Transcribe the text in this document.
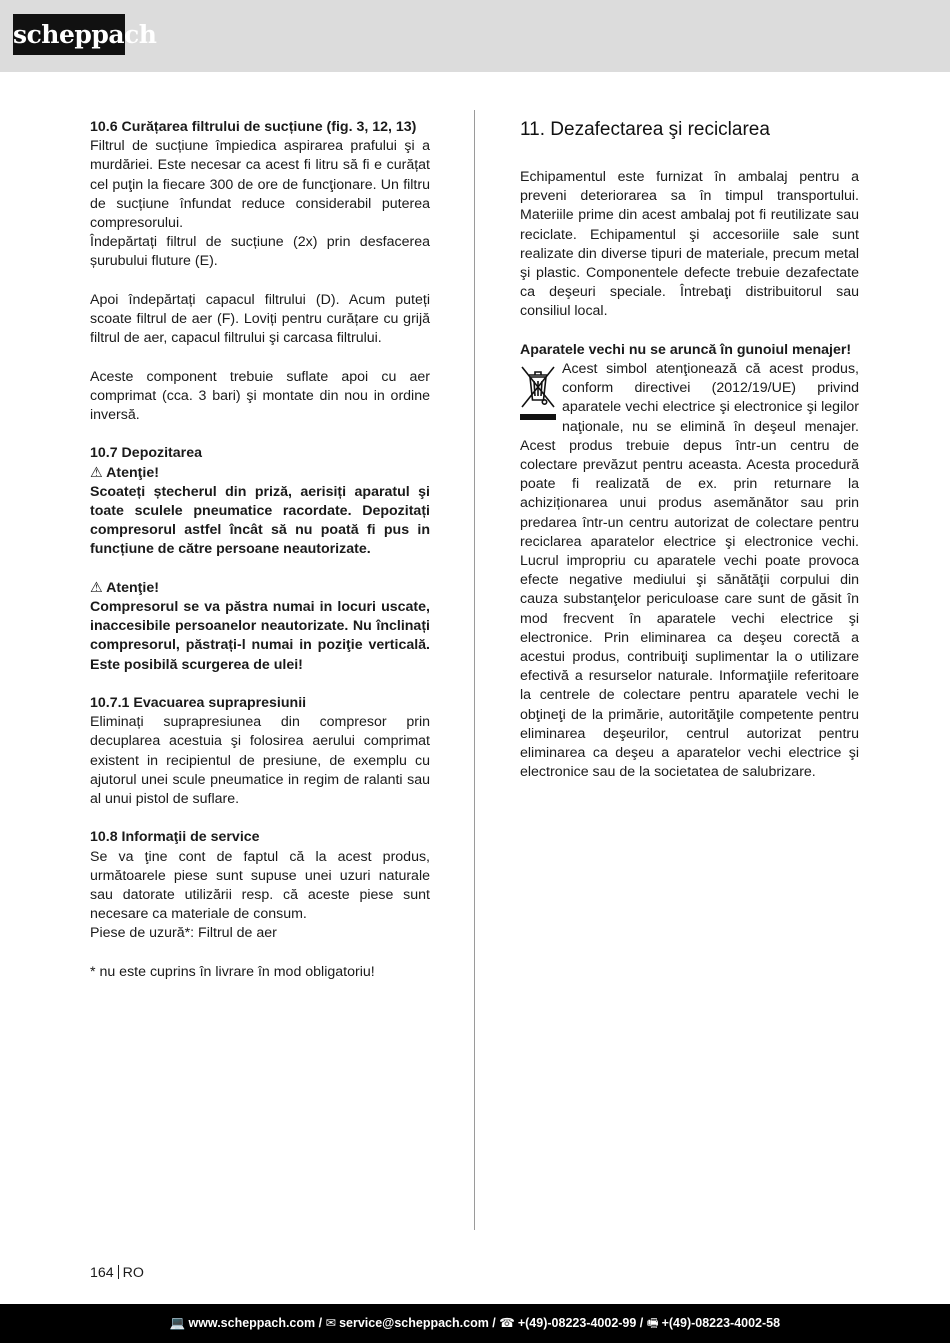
scheppach

10.6 Curățarea filtrului de sucțiune (fig. 3, 12, 13)

Filtrul de sucțiune împiedica aspirarea prafului şi a murdăriei. Este necesar ca acest fi litru să fi e curățat cel puţin la fiecare 300 de ore de funcţionare. Un filtru de sucțiune înfundat reduce considerabil puterea compresorului.

Îndepărtați filtrul de sucțiune (2x) prin desfacerea șurubului fluture (E).

Apoi îndepărtați capacul filtrului (D). Acum puteți scoate filtrul de aer (F). Loviți pentru curățare cu grijă filtrul de aer, capacul filtrului şi carcasa filtrului.

Aceste component trebuie suflate apoi cu aer comprimat (cca. 3 bari) şi montate din nou in ordine inversă.

10.7 Depozitarea

⚠ Atenţie!

Scoateți ștecherul din priză, aerisiți aparatul şi toate sculele pneumatice racordate. Depozitați compresorul astfel încât să nu poată fi pus in funcțiune de către persoane neautorizate.

⚠ Atenţie!

Compresorul se va păstra numai in locuri uscate, inaccesibile persoanelor neautorizate. Nu înclinați compresorul, păstrați-l numai in poziţie verticală. Este posibilă scurgerea de ulei!

10.7.1 Evacuarea suprapresiunii

Eliminați suprapresiunea din compresor prin decuplarea acestuia şi folosirea aerului comprimat existent in recipientul de presiune, de exemplu cu ajutorul unei scule pneumatice in regim de ralanti sau al unui pistol de suflare.

10.8 Informaţii de service

Se va ţine cont de faptul că la acest produs, următoarele piese sunt supuse unei uzuri naturale sau datorate utilizării resp. că aceste piese sunt necesare ca materiale de consum.

Piese de uzură*: Filtrul de aer

* nu este cuprins în livrare în mod obligatoriu!

11. Dezafectarea şi reciclarea

Echipamentul este furnizat în ambalaj pentru a preveni deteriorarea sa în timpul transportului. Materiile prime din acest ambalaj pot fi reutilizate sau reciclate. Echipamentul şi accesoriile sale sunt realizate din diverse tipuri de materiale, precum metal şi plastic. Componentele defecte trebuie dezafectate ca deşeuri speciale. Întrebaţi distribuitorul sau consiliul local.

Aparatele vechi nu se aruncă în gunoiul menajer!

Acest simbol atenţionează că acest produs, conform directivei (2012/19/UE) privind aparatele vechi electrice şi electronice şi legilor naţionale, nu se elimină în deşeul menajer. Acest produs trebuie depus într-un centru de colectare prevăzut pentru aceasta. Acesta procedură poate fi realizată de ex. prin returnare la achiziționarea unui produs asemănător sau prin predarea într-un centru autorizat de colectare pentru reciclarea aparatelor electrice şi electronice vechi. Lucrul impropriu cu aparatele vechi poate provoca efecte negative mediului şi sănătăţii corpului din cauza substanţelor periculoase care sunt de găsit în mod frecvent în aparatele vechi electrice şi electronice. Prin eliminarea ca deşeu corectă a acestui produs, contribuiţi suplimentar la o utilizare efectivă a resurselor naturale. Informaţiile referitoare la centrele de colectare pentru aparatele vechi le obţineţi de la primărie, autorităţile competente pentru eliminarea deşeurilor, centrul autorizat pentru eliminarea ca deşeu a aparatelor vechi electrice şi electronice sau de la societatea de salubrizare.

164 RO
💻 www.scheppach.com / ✉ service@scheppach.com / ☎ +(49)-08223-4002-99 / 🖷 +(49)-08223-4002-58
